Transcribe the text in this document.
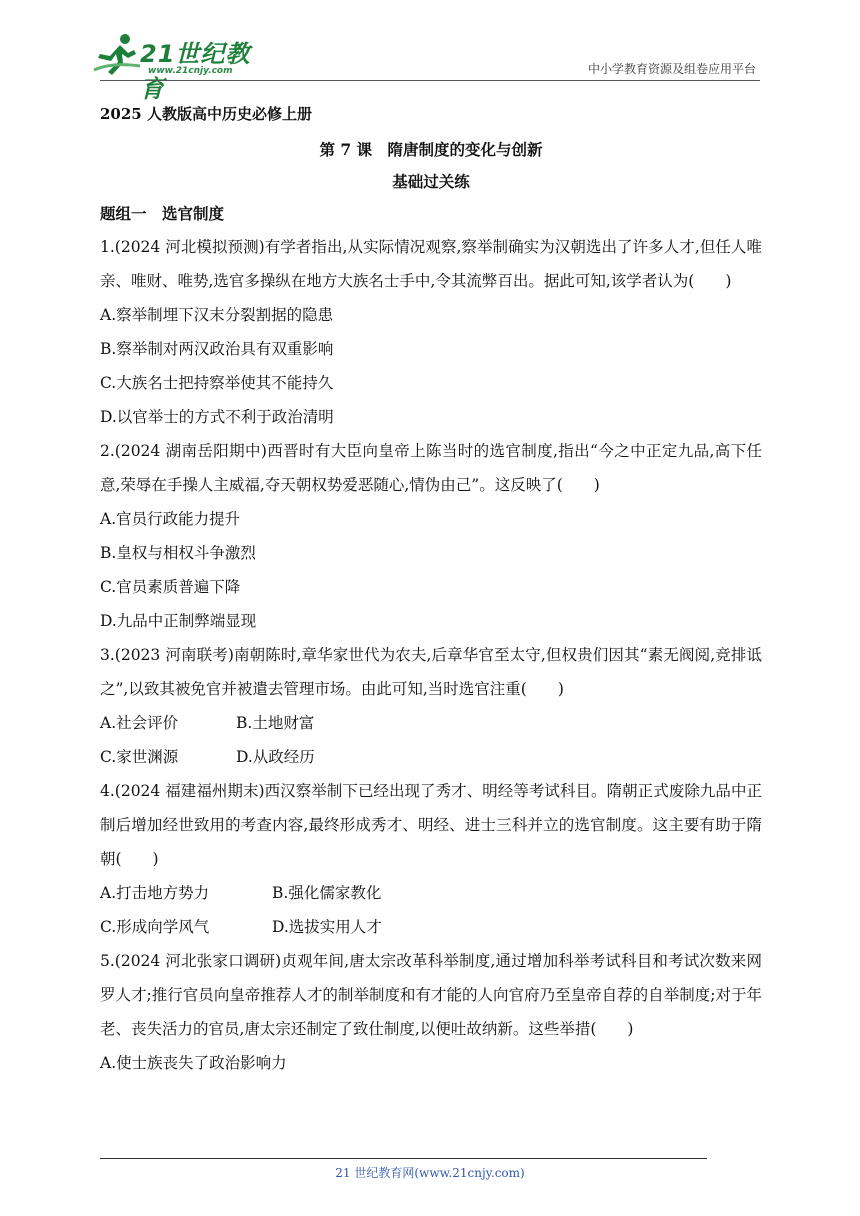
21世纪教育
www.21cnjy.com	中小学教育资源及组卷应用平台
2025 人教版高中历史必修上册
第 7 课　隋唐制度的变化与创新
基础过关练
题组一　选官制度
1.(2024 河北模拟预测)有学者指出,从实际情况观察,察举制确实为汉朝选出了许多人才,但任人唯亲、唯财、唯势,选官多操纵在地方大族名士手中,令其流弊百出。据此可知,该学者认为(　　)
A.察举制埋下汉末分裂割据的隐患
B.察举制对两汉政治具有双重影响
C.大族名士把持察举使其不能持久
D.以官举士的方式不利于政治清明
2.(2024 湖南岳阳期中)西晋时有大臣向皇帝上陈当时的选官制度,指出“今之中正定九品,高下任意,荣辱在手操人主威福,夺天朝权势爱恶随心,情伪由己”。这反映了(　　)
A.官员行政能力提升
B.皇权与相权斗争激烈
C.官员素质普遍下降
D.九品中正制弊端显现
3.(2023 河南联考)南朝陈时,章华家世代为农夫,后章华官至太守,但权贵们因其“素无阀阅,竞排诋之”,以致其被免官并被遣去管理市场。由此可知,当时选官注重(　　)
A.社会评价	B.土地财富
C.家世渊源	D.从政经历
4.(2024 福建福州期末)西汉察举制下已经出现了秀才、明经等考试科目。隋朝正式废除九品中正制后增加经世致用的考查内容,最终形成秀才、明经、进士三科并立的选官制度。这主要有助于隋朝(　　)
A.打击地方势力	B.强化儒家教化
C.形成向学风气	D.选拔实用人才
5.(2024 河北张家口调研)贞观年间,唐太宗改革科举制度,通过增加科举考试科目和考试次数来网罗人才;推行官员向皇帝推荐人才的制举制度和有才能的人向官府乃至皇帝自荐的自举制度;对于年老、丧失活力的官员,唐太宗还制定了致仕制度,以便吐故纳新。这些举措(　　)
A.使士族丧失了政治影响力
21 世纪教育网(www.21cnjy.com)
